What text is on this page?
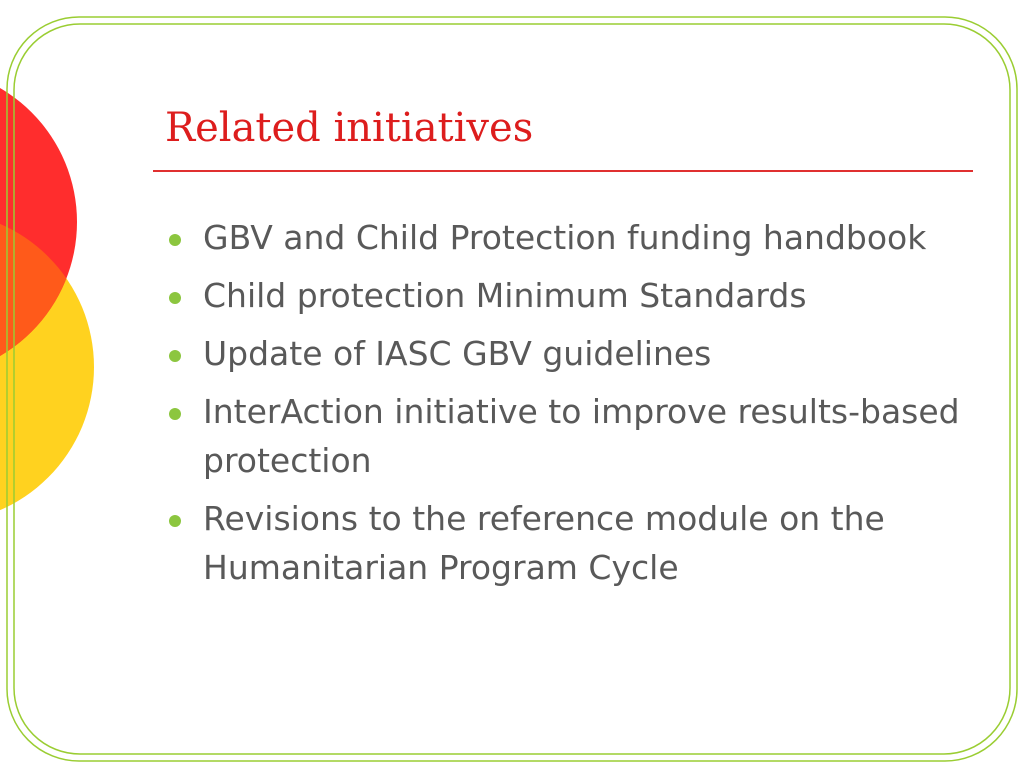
Related initiatives
GBV and Child Protection funding handbook
Child protection Minimum Standards
Update of IASC GBV guidelines
InterAction initiative to improve results-based protection
Revisions to the reference module on the Humanitarian Program Cycle
